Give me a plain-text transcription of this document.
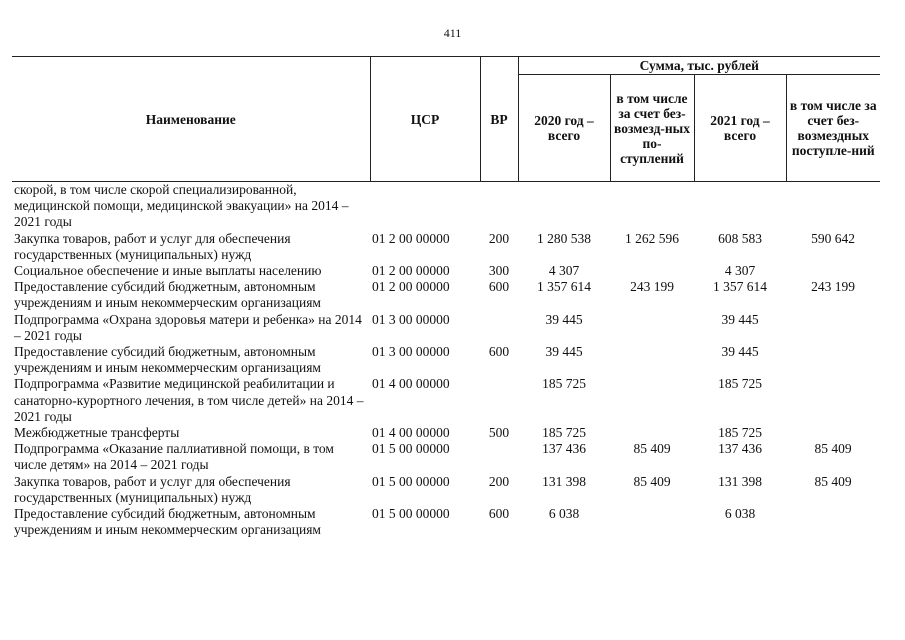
411
Наименование	ЦСР	ВР	Сумма, тыс. рублей			
			2020 год – всего	в том числе за счет без-возмезд-ных по-ступлений	2021 год – всего	в том числе за счет без-возмездных поступле-ний
скорой, в том числе скорой специализированной, медицинской помощи, медицинской эвакуации» на 2014 – 2021 годы						
Закупка товаров, работ и услуг для обеспечения государственных (муниципальных) нужд	01 2 00 00000	200	1 280 538	1 262 596	608 583	590 642
Социальное обеспечение и иные выплаты населению	01 2 00 00000	300	4 307		4 307	
Предоставление субсидий бюджетным, автономным учреждениям и иным некоммерческим организациям	01 2 00 00000	600	1 357 614	243 199	1 357 614	243 199
Подпрограмма «Охрана здоровья матери и ребенка» на 2014 – 2021 годы	01 3 00 00000		39 445		39 445	
Предоставление субсидий бюджетным, автономным учреждениям и иным некоммерческим организациям	01 3 00 00000	600	39 445		39 445	
Подпрограмма «Развитие медицинской реабилитации и санаторно-курортного лечения, в том числе детей» на 2014 – 2021 годы	01 4 00 00000		185 725		185 725	
Межбюджетные трансферты	01 4 00 00000	500	185 725		185 725	
Подпрограмма «Оказание паллиативной помощи, в том числе детям» на 2014 – 2021 годы	01 5 00 00000		137 436	85 409	137 436	85 409
Закупка товаров, работ и услуг для обеспечения государственных (муниципальных) нужд	01 5 00 00000	200	131 398	85 409	131 398	85 409
Предоставление субсидий бюджетным, автономным учреждениям и иным некоммерческим организациям	01 5 00 00000	600	6 038		6 038	
